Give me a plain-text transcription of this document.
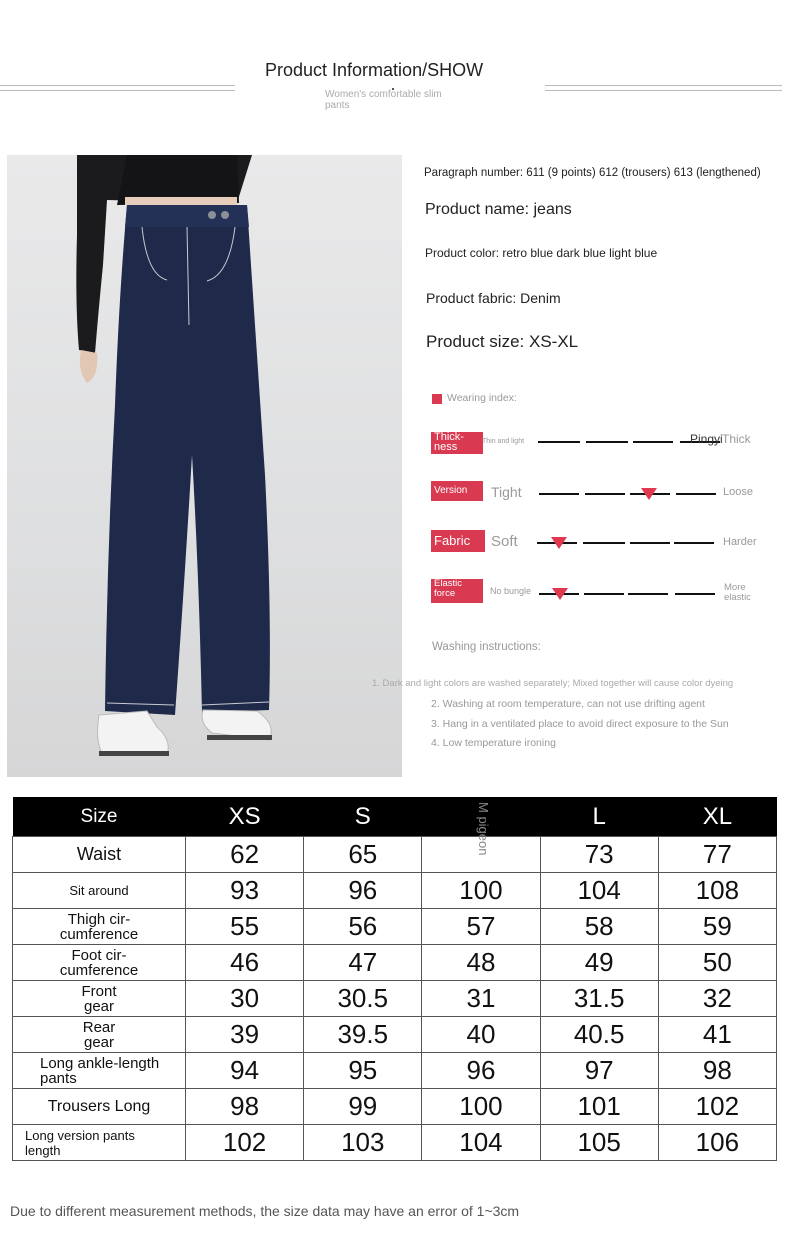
Product Information/SHOW
Women's comfortable slim pants
Paragraph number: 611 (9 points) 612 (trousers) 613 (lengthened)
Product name: jeans
Product color: retro blue dark blue light blue
Product fabric: Denim
Product size: XS-XL
Wearing index:
Thick-ness	Thin and light	Thick
Pingyi
Version	Tight	Loose
Fabric	Soft	Harder
Elastic force	No bungle	More elastic
Washing instructions:
1. Dark and light colors are washed separately; Mixed together will cause color dyeing
2. Washing at room temperature, can not use drifting agent
3. Hang in a ventilated place to avoid direct exposure to the Sun
4. Low temperature ironing
Size	XS	S		L	XL
Waist	62	65		73	77
Sit around	93	96	100	104	108
Thigh cir-
cumference	55	56	57	58	59
Foot cir-
cumference	46	47	48	49	50
Front
gear	30	30.5	31	31.5	32
Rear
gear	39	39.5	40	40.5	41
Long ankle-length
pants	94	95	96	97	98
Trousers Long	98	99	100	101	102
Long version pants
length	102	103	104	105	106
M pigeon
Due to different measurement methods, the size data may have an error of 1~3cm
